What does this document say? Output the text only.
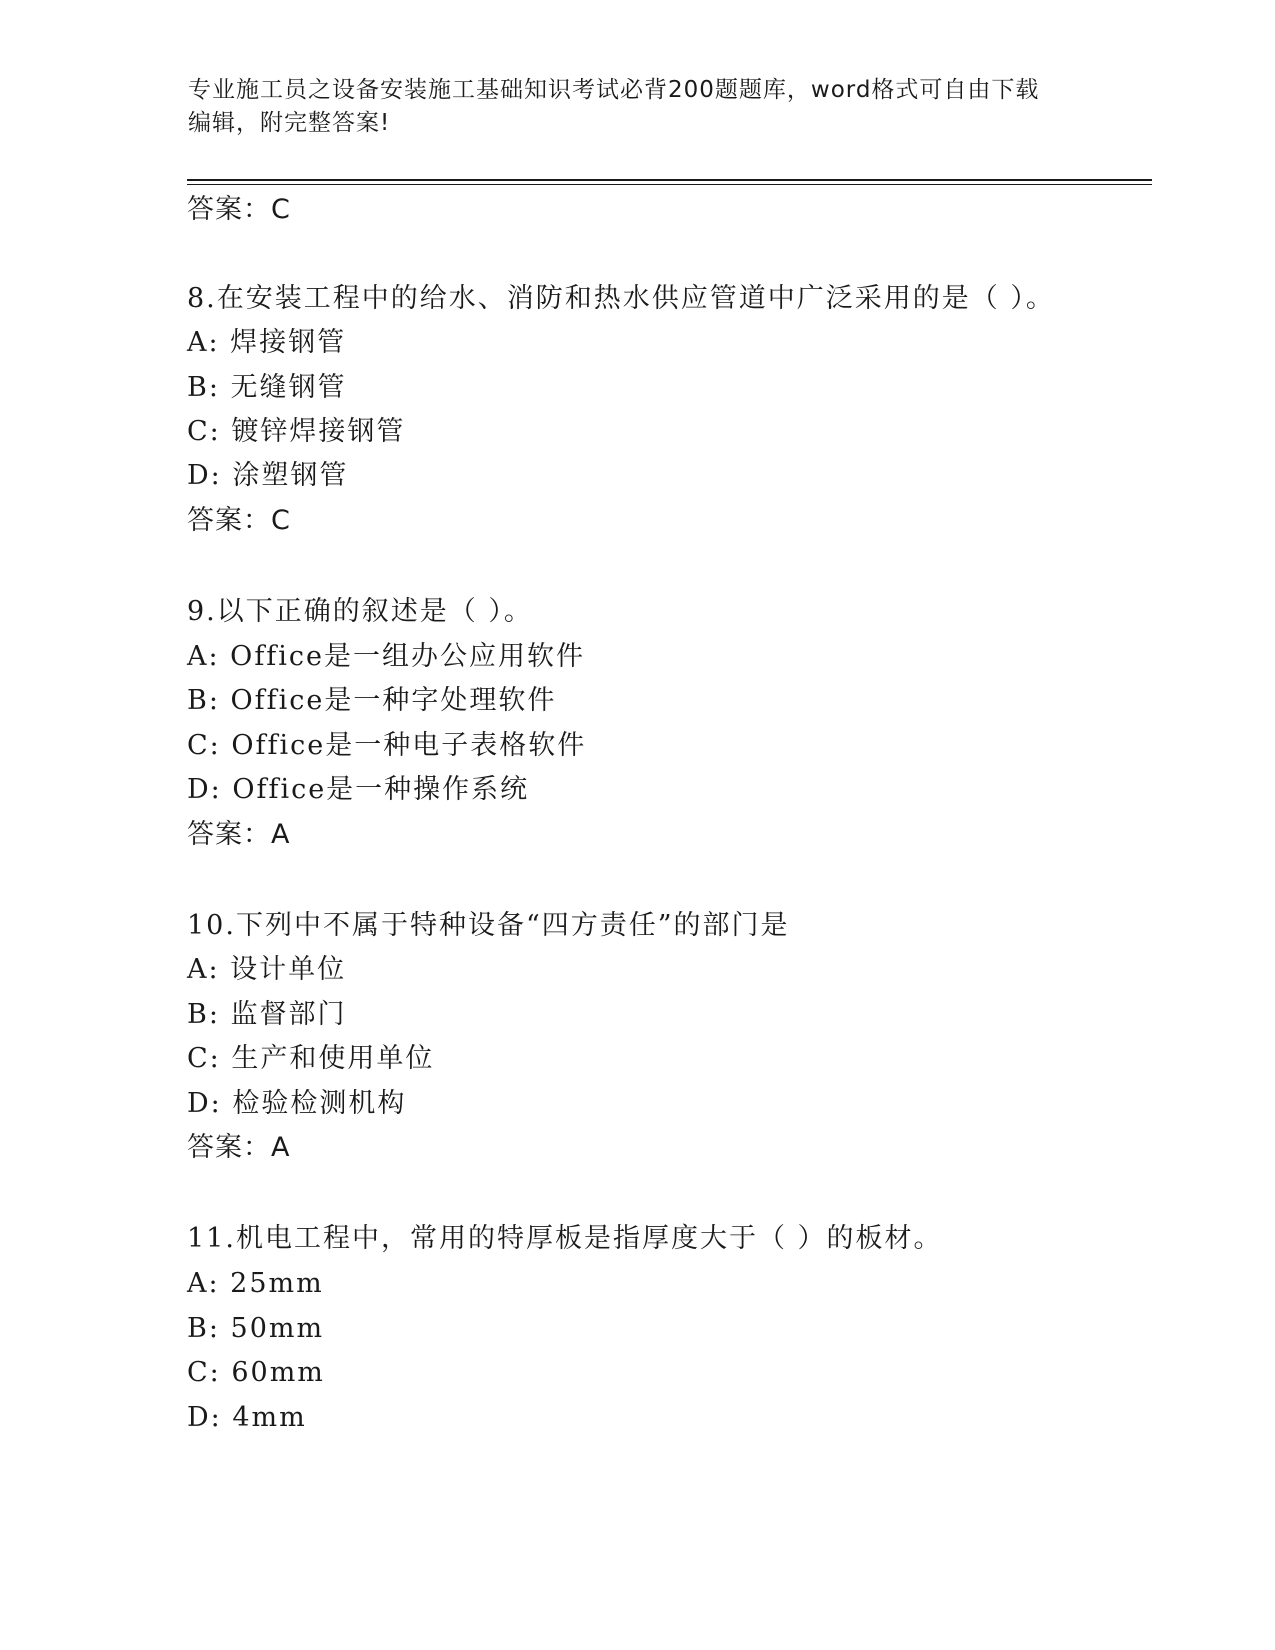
专业施工员之设备安装施工基础知识考试必背200题题库，word格式可自由下载
编辑，附完整答案!
答案：C
8.在安装工程中的给水、消防和热水供应管道中广泛采用的是（ ）。
A: 焊接钢管
B: 无缝钢管
C: 镀锌焊接钢管
D: 涂塑钢管
答案：C
9.以下正确的叙述是（ ）。
A: Office是一组办公应用软件
B: Office是一种字处理软件
C: Office是一种电子表格软件
D: Office是一种操作系统
答案：A
10.下列中不属于特种设备“四方责任”的部门是
A: 设计单位
B: 监督部门
C: 生产和使用单位
D: 检验检测机构
答案：A
11.机电工程中，常用的特厚板是指厚度大于（ ）的板材。
A: 25mm
B: 50mm
C: 60mm
D: 4mm
